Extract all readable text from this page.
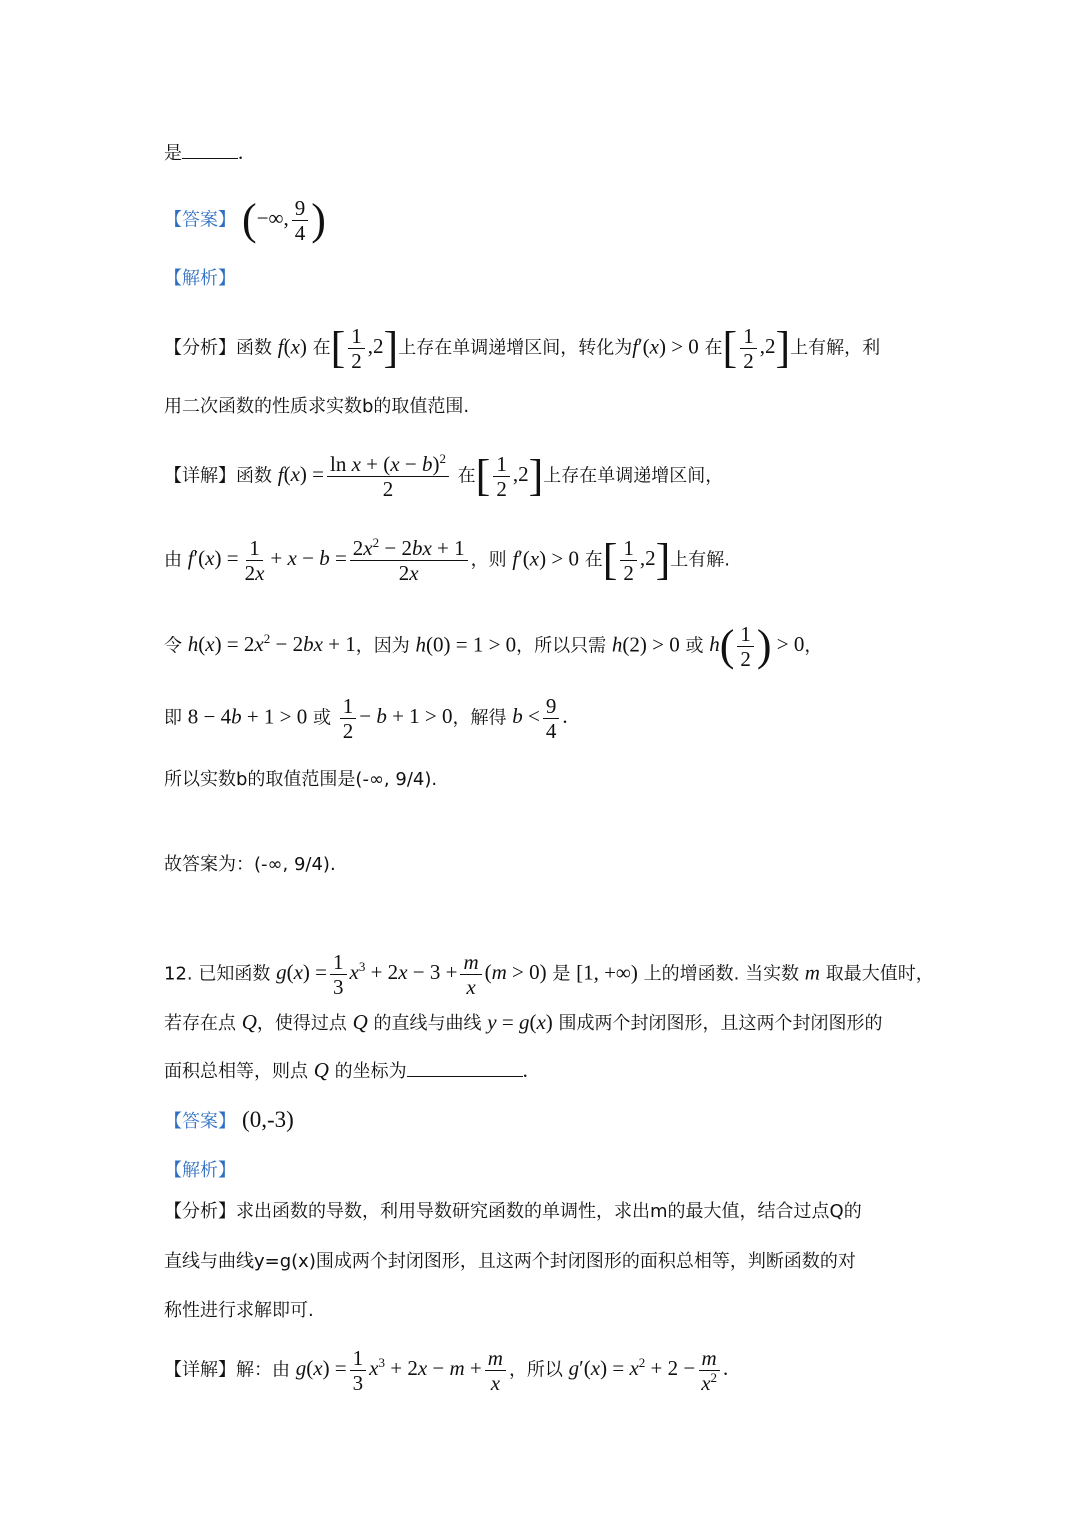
是	.
【答案】 (−∞, $\frac{9}{4}$ )
【解析】
【分析】函数 f(x) 在[ $\frac{1}{2} ,2$]上存在单调递增区间，转化为f′(x) > 0 在[ $\frac{1}{2} ,2$]上有解，利
用二次函数的性质求实数b的取值范围.
【详解】函数 $f(x) = \frac{\ln x + (x - b)^2}{2}$ 在[ $\frac{1}{2} ,2$]上存在单调递增区间，
由 $f'(x) = \frac{1}{2x} + x - b = \frac{2x^2 - 2bx + 1}{2x}$ ，则 f′(x) > 0 在[ $\frac{1}{2} ,2$]上有解.
令 $h(x) = 2x^2 - 2bx + 1$，因为 h(0) = 1 > 0，所以只需 h(2) > 0 或 $h( \frac{1}{2}$ ) > 0，
即 8 − 4b + 1 > 0 或 $\frac{1}{2} - b + 1 > 0$，解得 $b < \frac{9}{4}$ .
所以实数b的取值范围是(-∞, 9/4).
故答案为：(-∞, 9/4).
12. 已知函数 $g(x) = \frac{1}{3} x^3 + 2x - 3 + \frac{m}{x} (m > 0)$ 是 [1, +∞) 上的增函数. 当实数 m 取最大值时，
若存在点 Q，使得过点 Q 的直线与曲线 y = g(x) 围成两个封闭图形，且这两个封闭图形的
面积总相等，则点 Q 的坐标为	.
【答案】 (0,-3)
【解析】
【分析】求出函数的导数，利用导数研究函数的单调性，求出m的最大值，结合过点Q的
直线与曲线y=g(x)围成两个封闭图形，且这两个封闭图形的面积总相等，判断函数的对
称性进行求解即可.
【详解】解：由 $g(x) = \frac{1}{3} x^3 + 2x - m + \frac{m}{x}$ ，所以 $g'(x) = x^2 + 2 - \frac{m}{x^2}$ .
